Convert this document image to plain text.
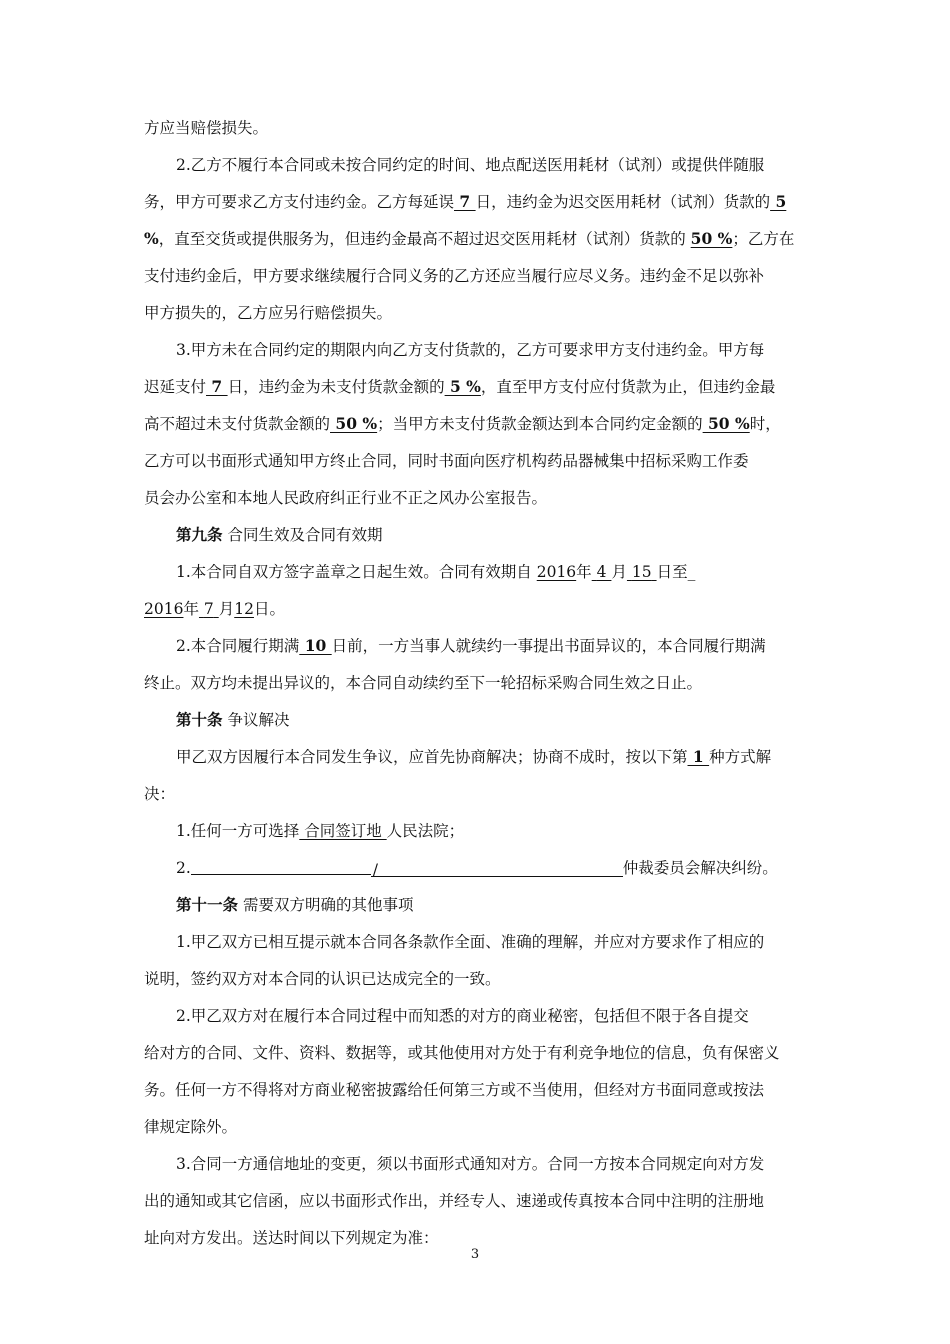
方应当赔偿损失。
2.乙方不履行本合同或未按合同约定的时间、地点配送医用耗材（试剂）或提供伴随服
务，甲方可要求乙方支付违约金。乙方每延误 7 日，违约金为迟交医用耗材（试剂）货款的 5
%，直至交货或提供服务为，但违约金最高不超过迟交医用耗材（试剂）货款的 50 %；乙方在
支付违约金后，甲方要求继续履行合同义务的乙方还应当履行应尽义务。违约金不足以弥补
甲方损失的，乙方应另行赔偿损失。
3.甲方未在合同约定的期限内向乙方支付货款的，乙方可要求甲方支付违约金。甲方每
迟延支付 7 日，违约金为未支付货款金额的 5 %，直至甲方支付应付货款为止，但违约金最
高不超过未支付货款金额的 50 %；当甲方未支付货款金额达到本合同约定金额的 50 %时，
乙方可以书面形式通知甲方终止合同，同时书面向医疗机构药品器械集中招标采购工作委
员会办公室和本地人民政府纠正行业不正之风办公室报告。
第九条 合同生效及合同有效期
1.本合同自双方签字盖章之日起生效。合同有效期自 2016年 4 月 15 日至_
2016年 7 月12日。
2.本合同履行期满 10 日前，一方当事人就续约一事提出书面异议的，本合同履行期满
终止。双方均未提出异议的，本合同自动续约至下一轮招标采购合同生效之日止。
第十条 争议解决
甲乙双方因履行本合同发生争议，应首先协商解决；协商不成时，按以下第 1 种方式解
决：
1.任何一方可选择 合同签订地 人民法院；
2.	/	仲裁委员会解决纠纷。
第十一条 需要双方明确的其他事项
1.甲乙双方已相互提示就本合同各条款作全面、准确的理解，并应对方要求作了相应的
说明，签约双方对本合同的认识已达成完全的一致。
2.甲乙双方对在履行本合同过程中而知悉的对方的商业秘密，包括但不限于各自提交
给对方的合同、文件、资料、数据等，或其他使用对方处于有利竞争地位的信息，负有保密义
务。任何一方不得将对方商业秘密披露给任何第三方或不当使用，但经对方书面同意或按法
律规定除外。
3.合同一方通信地址的变更，须以书面形式通知对方。合同一方按本合同规定向对方发
出的通知或其它信函，应以书面形式作出，并经专人、速递或传真按本合同中注明的注册地
址向对方发出。送达时间以下列规定为准：
3
